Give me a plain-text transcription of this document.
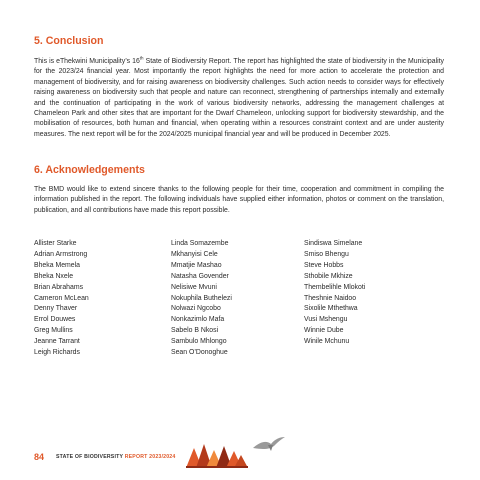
5. Conclusion

This is eThekwini Municipality’s 16th State of Biodiversity Report. The report has highlighted the state of biodiversity in the Municipality for the 2023/24 financial year. Most importantly the report highlights the need for more action to accelerate the protection and management of biodiversity, and for raising awareness on biodiversity challenges. Such action needs to consider ways for effectively raising awareness on biodiversity such that people and nature can reconnect, strengthening of partnerships internally and externally and the continuation of participating in the work of various biodiversity networks, addressing the management challenges at Chameleon Park and other sites that are important for the Dwarf Chameleon, unlocking support for biodiversity stewardship, and the mobilisation of resources, both human and financial, when operating within a resources constraint context and are under austerity measures. The next report will be for the 2024/2025 municipal financial year and will be produced in December 2025.

6. Acknowledgements

The BMD would like to extend sincere thanks to the following people for their time, cooperation and commitment in compiling the information published in the report. The following individuals have supplied either information, photos or comment on the translation, publication, and all contributions have made this report possible.

Allister Starke
Adrian Armstrong
Bheka Memela
Bheka Nxele
Brian Abrahams
Cameron McLean
Denny Thaver
Errol Douwes
Greg Mullins
Jeanne Tarrant
Leigh Richards
Linda Somazembe
Mkhanyisi Cele
Mmatjie Mashao
Natasha Govender
Nelisiwe Mvuni
Nokuphila Buthelezi
Nolwazi Ngcobo
Nonkazimlo Mafa
Sabelo B Nkosi
Sambulo Mhlongo
Sean O’Donoghue
Sindiswa Simelane
Smiso Bhengu
Steve Hobbs
Sthobile Mkhize
Thembelihle Mlokoti
Theshnie Naidoo
Sixolile Mthethwa
Vusi Mshengu
Winnie Dube
Winile Mchunu
84 STATE OF BIODIVERSITY REPORT 2023/2024
